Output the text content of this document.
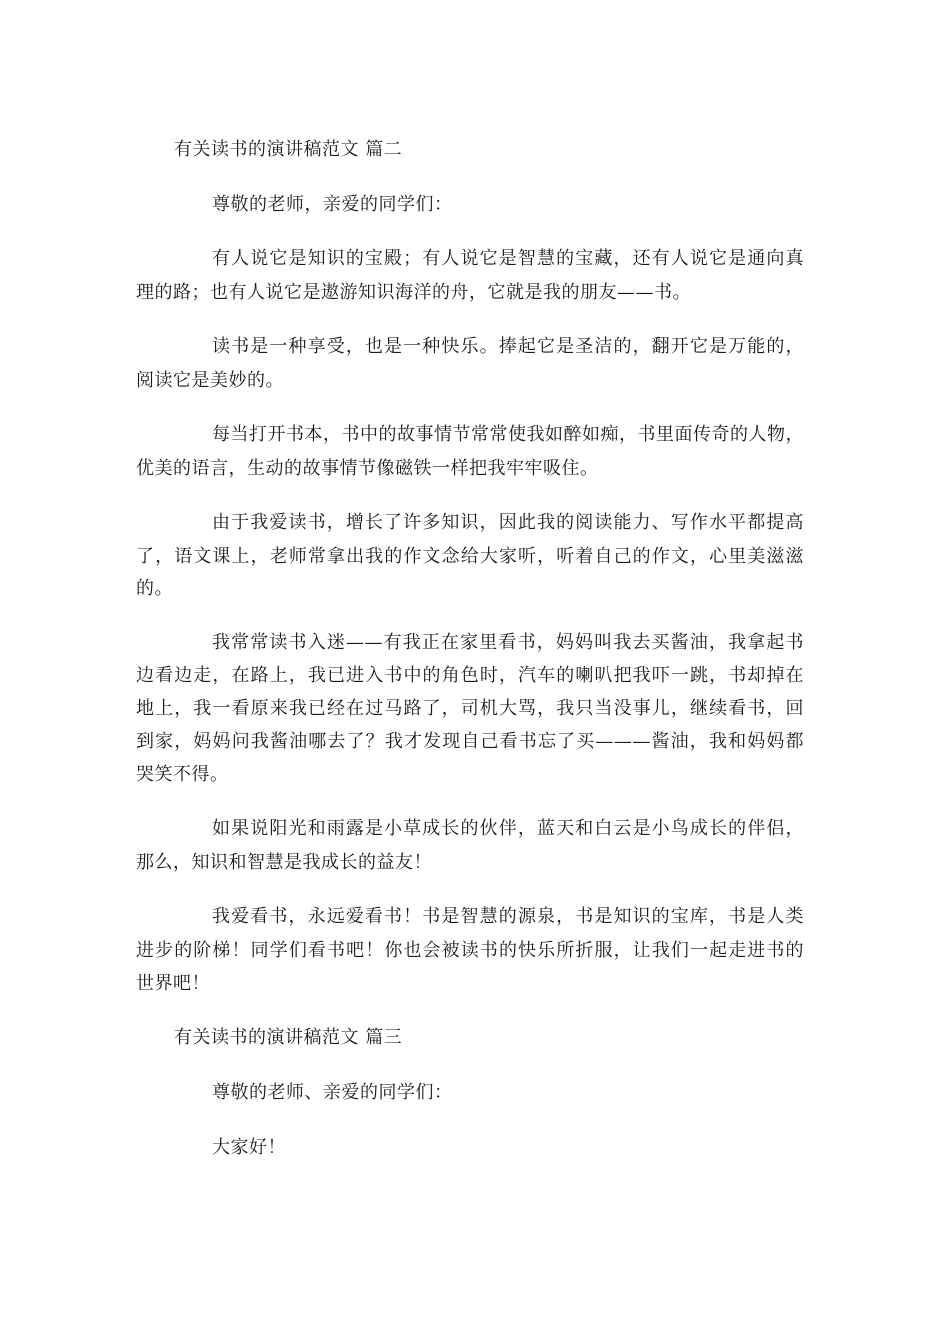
有关读书的演讲稿范文 篇二
尊敬的老师，亲爱的同学们：
有人说它是知识的宝殿；有人说它是智慧的宝藏，还有人说它是通向真
理的路；也有人说它是遨游知识海洋的舟，它就是我的朋友——书。
读书是一种享受，也是一种快乐。捧起它是圣洁的，翻开它是万能的，
阅读它是美妙的。
每当打开书本，书中的故事情节常常使我如醉如痴，书里面传奇的人物，
优美的语言，生动的故事情节像磁铁一样把我牢牢吸住。
由于我爱读书，增长了许多知识，因此我的阅读能力、写作水平都提高
了，语文课上，老师常拿出我的作文念给大家听，听着自己的作文，心里美滋滋
的。
我常常读书入迷——有我正在家里看书，妈妈叫我去买酱油，我拿起书
边看边走，在路上，我已进入书中的角色时，汽车的喇叭把我吓一跳，书却掉在
地上，我一看原来我已经在过马路了，司机大骂，我只当没事儿，继续看书，回
到家，妈妈问我酱油哪去了？我才发现自己看书忘了买———酱油，我和妈妈都
哭笑不得。
如果说阳光和雨露是小草成长的伙伴，蓝天和白云是小鸟成长的伴侣，
那么，知识和智慧是我成长的益友！
我爱看书，永远爱看书！书是智慧的源泉，书是知识的宝库，书是人类
进步的阶梯！同学们看书吧！你也会被读书的快乐所折服，让我们一起走进书的
世界吧！
有关读书的演讲稿范文 篇三
尊敬的老师、亲爱的同学们：
大家好！
